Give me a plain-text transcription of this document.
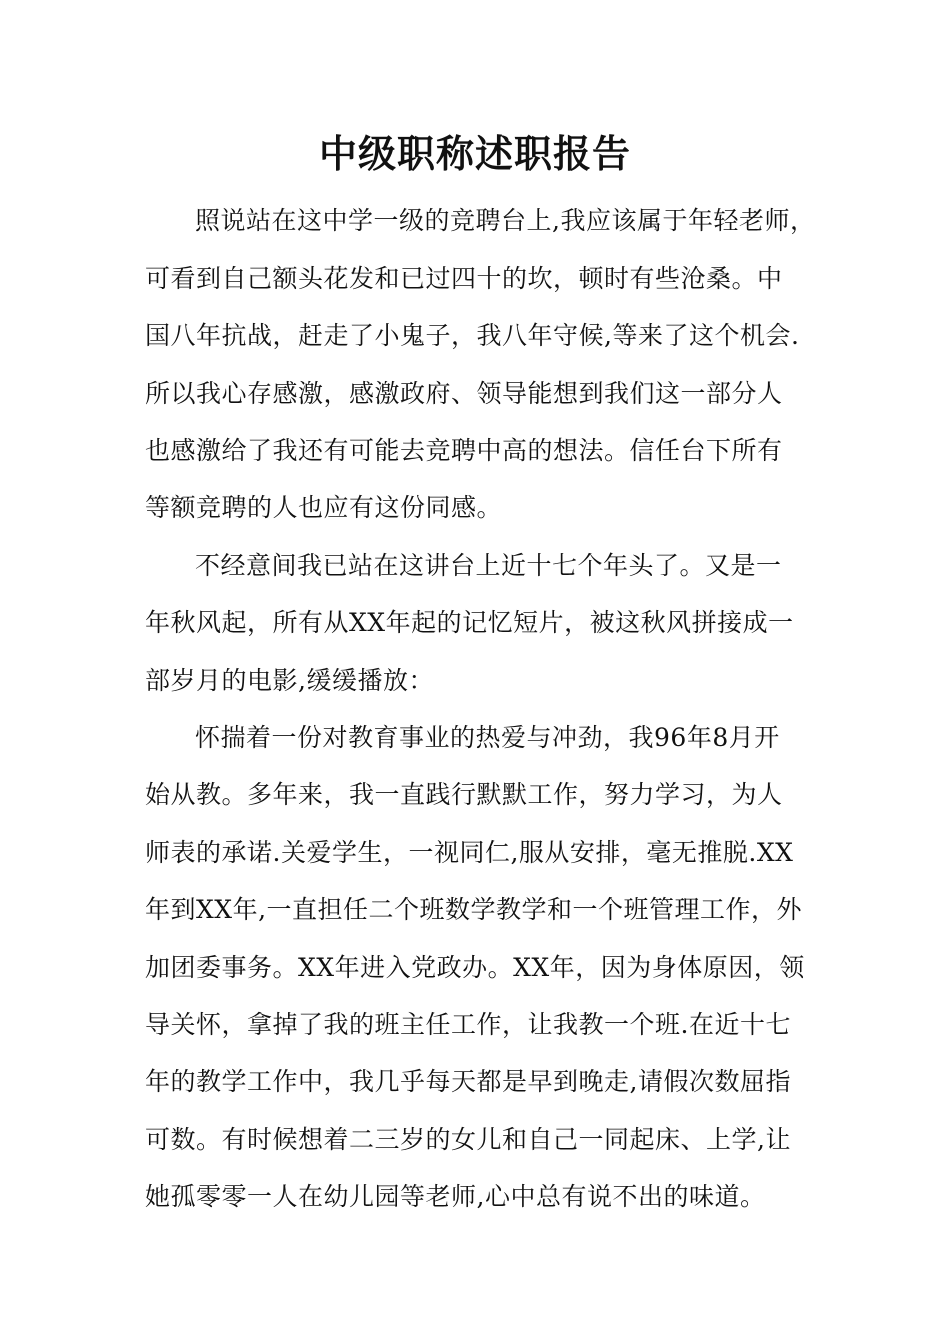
中级职称述职报告
照说站在这中学一级的竞聘台上,我应该属于年轻老师，
可看到自己额头花发和已过四十的坎，顿时有些沧桑。中
国八年抗战，赶走了小鬼子，我八年守候,等来了这个机会.
所以我心存感激，感激政府、领导能想到我们这一部分人
也感激给了我还有可能去竞聘中高的想法。信任台下所有
等额竞聘的人也应有这份同感。
不经意间我已站在这讲台上近十七个年头了。又是一
年秋风起，所有从XX年起的记忆短片，被这秋风拼接成一
部岁月的电影,缓缓播放：
怀揣着一份对教育事业的热爱与冲劲，我96年8月开
始从教。多年来，我一直践行默默工作，努力学习，为人
师表的承诺.关爱学生，一视同仁,服从安排，毫无推脱.XX
年到XX年,一直担任二个班数学教学和一个班管理工作，外
加团委事务。XX年进入党政办。XX年，因为身体原因，领
导关怀，拿掉了我的班主任工作，让我教一个班.在近十七
年的教学工作中，我几乎每天都是早到晚走,请假次数屈指
可数。有时候想着二三岁的女儿和自己一同起床、上学,让
她孤零零一人在幼儿园等老师,心中总有说不出的味道。
